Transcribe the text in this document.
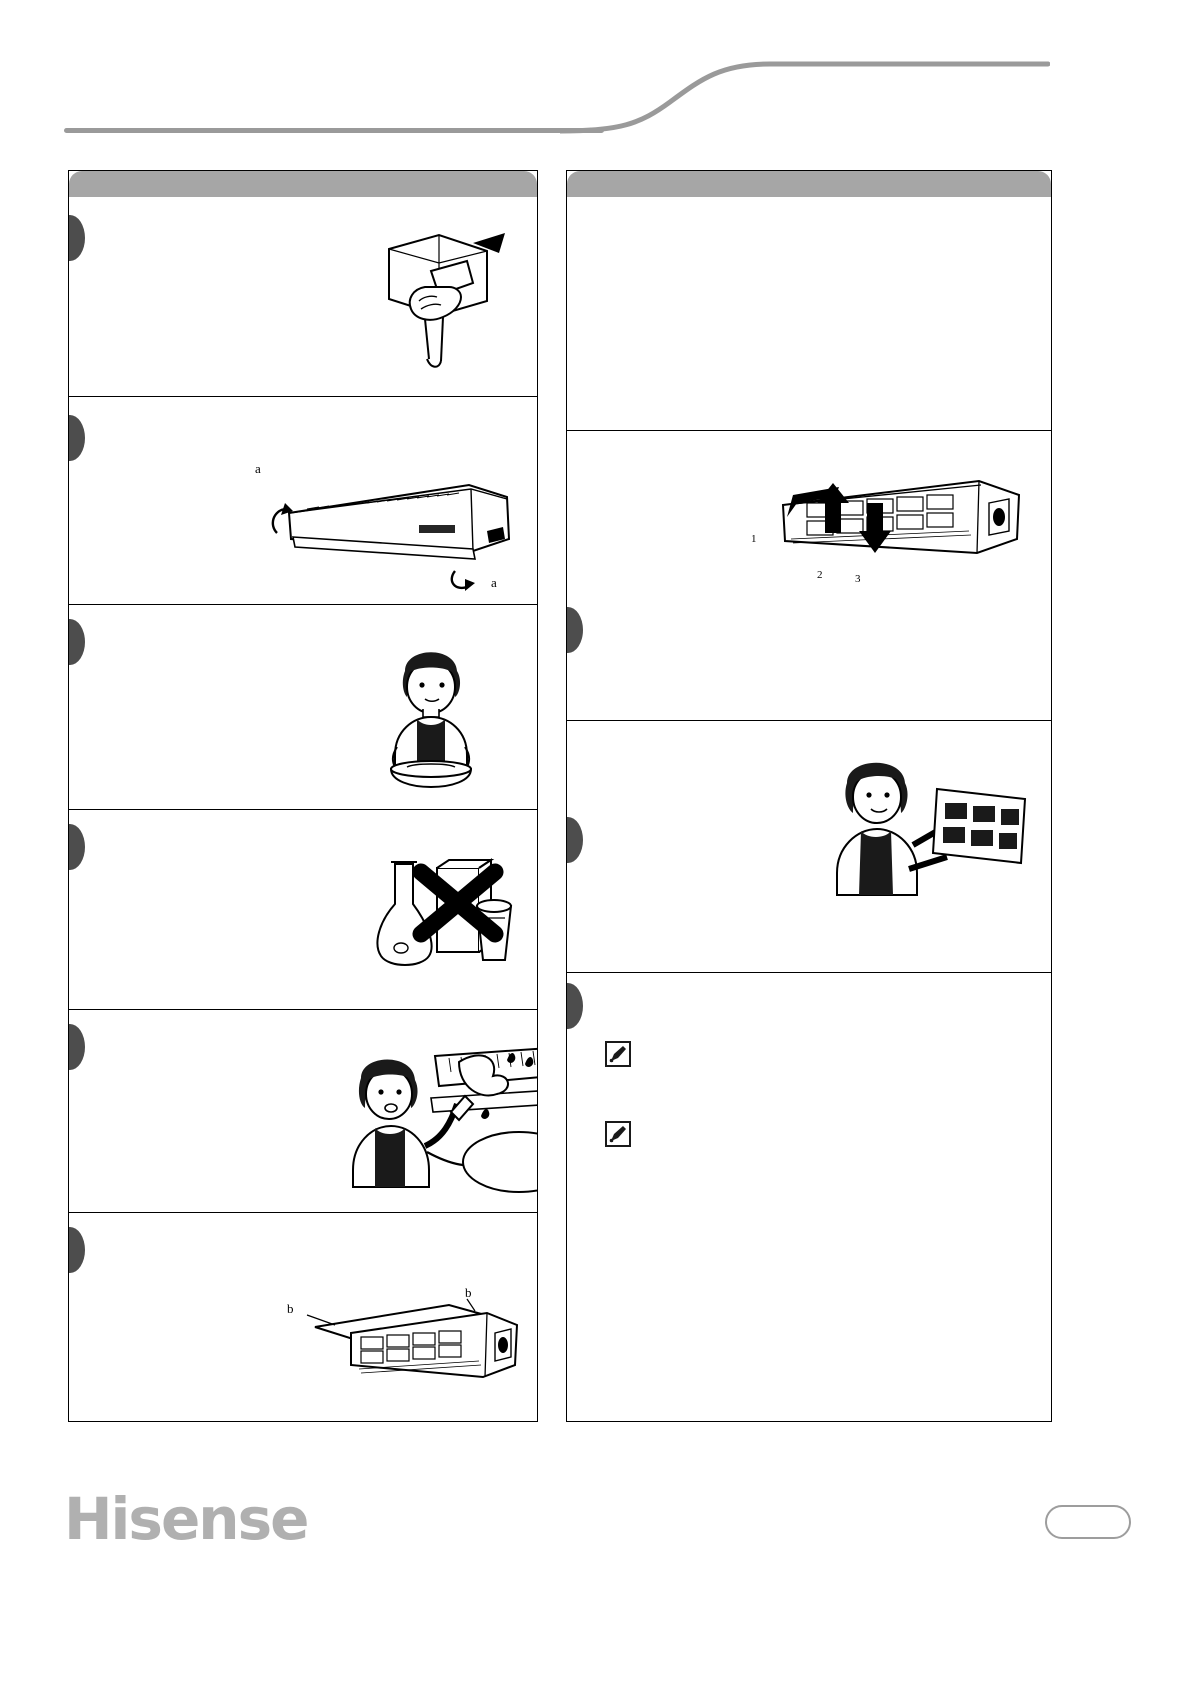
a
a
b
b
1
2	3
Hisense
